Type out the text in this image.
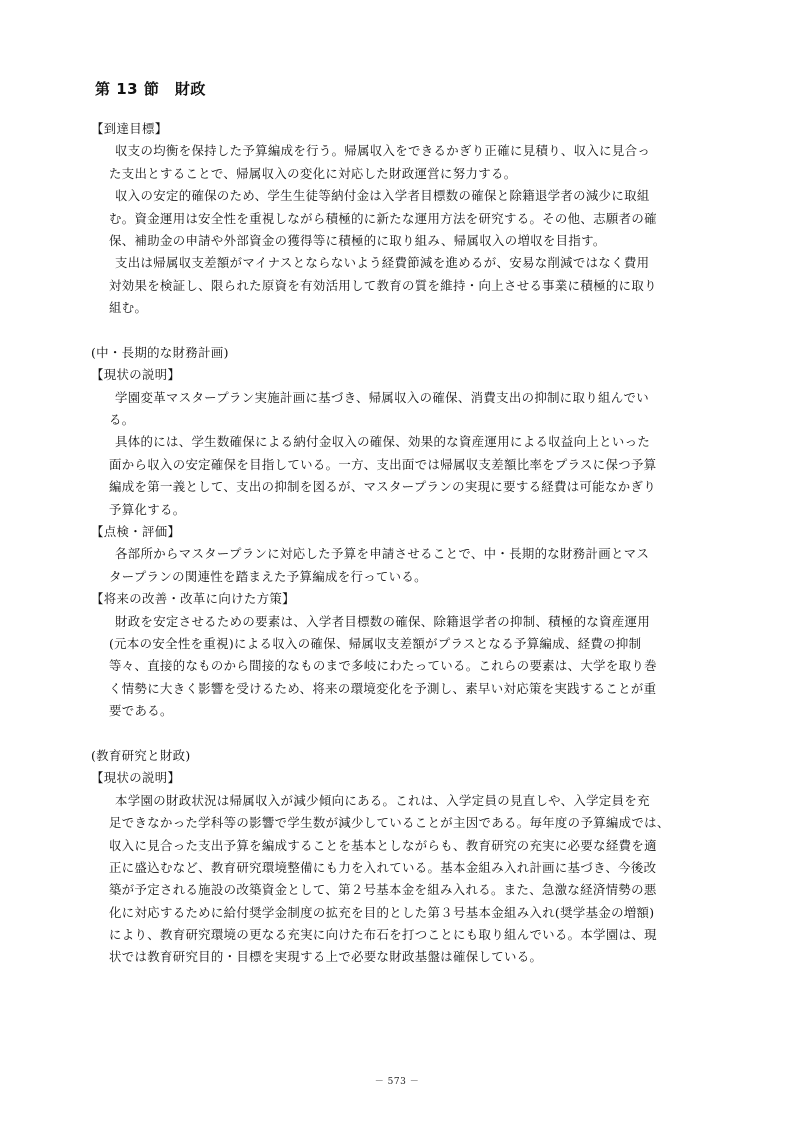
第 13 節　財政
【到達目標】
収支の均衡を保持した予算編成を行う。帰属収入をできるかぎり正確に見積り、収入に見合っ
た支出とすることで、帰属収入の変化に対応した財政運営に努力する。
収入の安定的確保のため、学生生徒等納付金は入学者目標数の確保と除籍退学者の減少に取組
む。資金運用は安全性を重視しながら積極的に新たな運用方法を研究する。その他、志願者の確
保、補助金の申請や外部資金の獲得等に積極的に取り組み、帰属収入の増収を目指す。
支出は帰属収支差額がマイナスとならないよう経費節減を進めるが、安易な削減ではなく費用
対効果を検証し、限られた原資を有効活用して教育の質を維持・向上させる事業に積極的に取り
組む。
(中・長期的な財務計画)
【現状の説明】
学園変革マスタープラン実施計画に基づき、帰属収入の確保、消費支出の抑制に取り組んでい
る。
具体的には、学生数確保による納付金収入の確保、効果的な資産運用による収益向上といった
面から収入の安定確保を目指している。一方、支出面では帰属収支差額比率をプラスに保つ予算
編成を第一義として、支出の抑制を図るが、マスタープランの実現に要する経費は可能なかぎり
予算化する。
【点検・評価】
各部所からマスタープランに対応した予算を申請させることで、中・長期的な財務計画とマス
タープランの関連性を踏まえた予算編成を行っている。
【将来の改善・改革に向けた方策】
財政を安定させるための要素は、入学者目標数の確保、除籍退学者の抑制、積極的な資産運用
(元本の安全性を重視)による収入の確保、帰属収支差額がプラスとなる予算編成、経費の抑制
等々、直接的なものから間接的なものまで多岐にわたっている。これらの要素は、大学を取り巻
く情勢に大きく影響を受けるため、将来の環境変化を予測し、素早い対応策を実践することが重
要である。
(教育研究と財政)
【現状の説明】
本学園の財政状況は帰属収入が減少傾向にある。これは、入学定員の見直しや、入学定員を充
足できなかった学科等の影響で学生数が減少していることが主因である。毎年度の予算編成では、
収入に見合った支出予算を編成することを基本としながらも、教育研究の充実に必要な経費を適
正に盛込むなど、教育研究環境整備にも力を入れている。基本金組み入れ計画に基づき、今後改
築が予定される施設の改築資金として、第２号基本金を組み入れる。また、急激な経済情勢の悪
化に対応するために給付奨学金制度の拡充を目的とした第３号基本金組み入れ(奨学基金の増額)
により、教育研究環境の更なる充実に向けた布石を打つことにも取り組んでいる。本学園は、現
状では教育研究目的・目標を実現する上で必要な財政基盤は確保している。
－ 573 －
